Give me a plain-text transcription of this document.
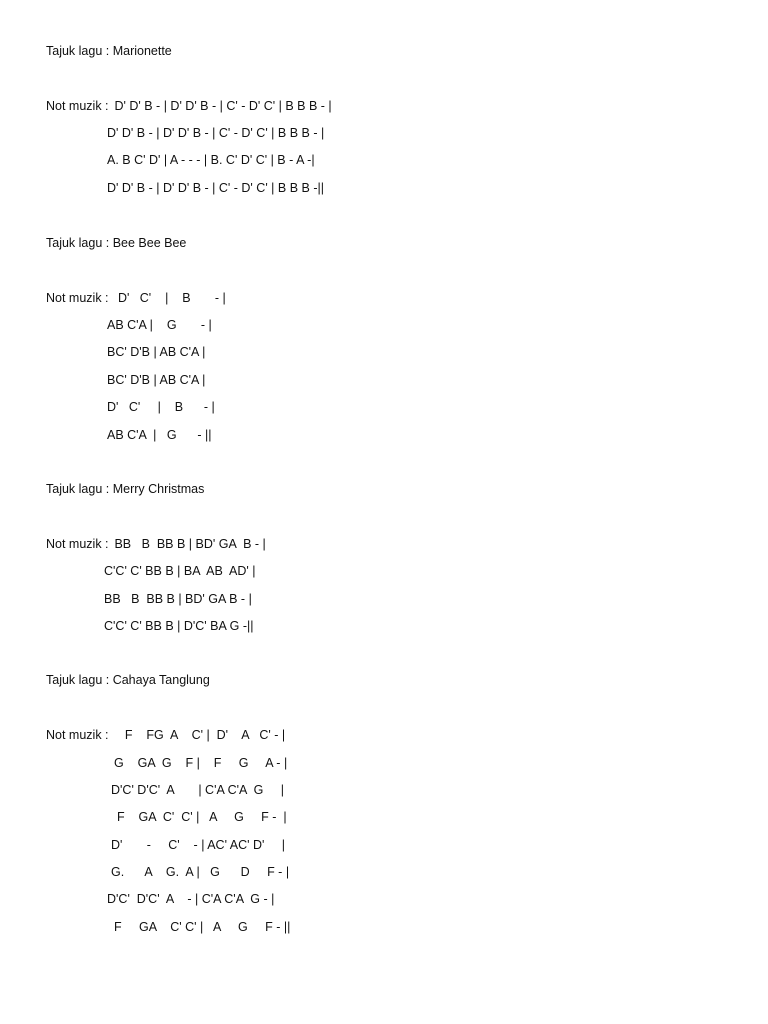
Tajuk lagu : Marionette
Not muzik : D' D' B - | D' D' B - | C' - D' C' | B B B - |
D' D' B - | D' D' B - | C' - D' C' | B B B - |
A. B C' D' | A - - - | B. C' D' C' | B - A -|
D' D' B - | D' D' B - | C' - D' C' | B B B -||
Tajuk lagu : Bee Bee Bee
Not muzik : D'   C'    |    B       - |
AB C'A |    G       - |
BC' D'B | AB C'A |
BC' D'B | AB C'A |
D'   C'     |    B      - |
AB C'A  |   G      - ||
Tajuk lagu : Merry Christmas
Not muzik : BB   B  BB B | BD' GA  B - |
C'C' C' BB B | BA  AB  AD' |
BB   B  BB B | BD' GA B - |
C'C' C' BB B | D'C' BA G -||
Tajuk lagu : Cahaya Tanglung
Not muzik : F    FG  A    C' |  D'    A   C' - |
G    GA  G    F |    F     G     A - |
D'C' D'C'  A       | C'A C'A  G     |
F    GA  C'  C' |   A     G     F -  |
D'       -     C'    - | AC' AC' D'     |
G.      A    G.  A |   G      D     F - |
D'C'  D'C'  A    - | C'A C'A  G - |
F     GA    C' C' |   A     G     F - ||
